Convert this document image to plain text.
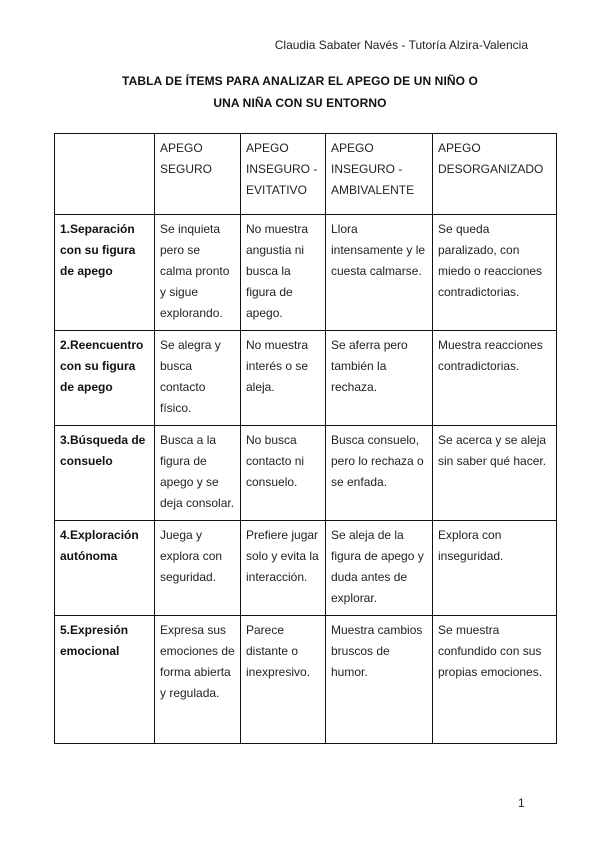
Claudia Sabater Navés - Tutoría Alzira-Valencia
TABLA DE ÍTEMS PARA ANALIZAR EL APEGO DE UN NIÑO O
UNA NIÑA CON SU ENTORNO
	APEGO SEGURO	APEGO INSEGURO - EVITATIVO	APEGO INSEGURO - AMBIVALENTE	APEGO DESORGANIZADO
1.Separación con su figura de apego	Se inquieta pero se calma pronto y sigue explorando.	No muestra angustia ni busca la figura de apego.	Llora intensamente y le cuesta calmarse.	Se queda paralizado, con miedo o reacciones contradictorias.
2.Reencuentro con su figura de apego	Se alegra y busca contacto físico.	No muestra interés o se aleja.	Se aferra pero también la rechaza.	Muestra reacciones contradictorias.
3.Búsqueda de consuelo	Busca a la figura de apego y se deja consolar.	No busca contacto ni consuelo.	Busca consuelo, pero lo rechaza o se enfada.	Se acerca y se aleja sin saber qué hacer.
4.Exploración autónoma	Juega y explora con seguridad.	Prefiere jugar solo y evita la interacción.	Se aleja de la figura de apego y duda antes de explorar.	Explora con inseguridad.
5.Expresión emocional	Expresa sus emociones de forma abierta y regulada.	Parece distante o inexpresivo.	Muestra cambios bruscos de humor.	Se muestra confundido con sus propias emociones.
1
